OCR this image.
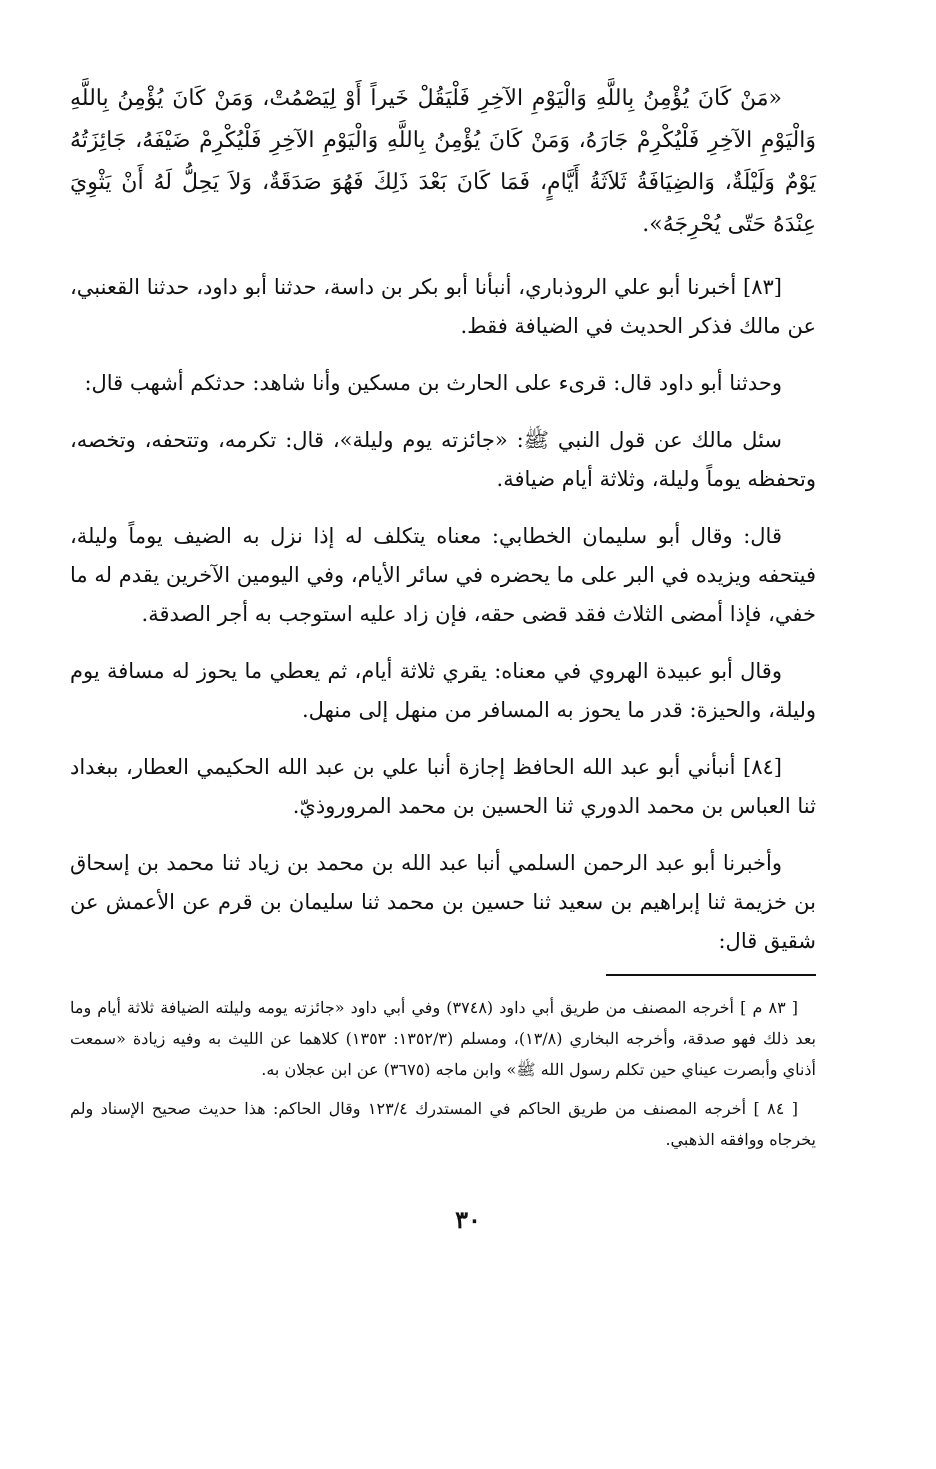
«مَنْ كَانَ يُؤْمِنُ بِاللَّهِ وَالْيَوْمِ الآخِرِ فَلْيَقُلْ خَيراً أَوْ لِيَصْمُتْ، وَمَنْ كَانَ يُؤْمِنُ بِاللَّهِ وَالْيَوْمِ الآخِرِ فَلْيُكْرِمْ جَارَهُ، وَمَنْ كَانَ يُؤْمِنُ بِاللَّهِ وَالْيَوْمِ الآخِرِ فَلْيُكْرِمْ ضَيْفَهُ، جَائِزَتُهُ يَوْمٌ وَلَيْلَةٌ، وَالضِيَافَةُ ثَلاَثَةُ أَيَّامٍ، فَمَا كَانَ بَعْدَ ذَلِكَ فَهُوَ صَدَقَةٌ، وَلاَ يَحِلُّ لَهُ أَنْ يَثْوِيَ عِنْدَهُ حَتّى يُحْرِجَهُ».

[٨٣] أخبرنا أبو علي الروذباري، أنبأنا أبو بكر بن داسة، حدثنا أبو داود، حدثنا القعنبي، عن مالك فذكر الحديث في الضيافة فقط.

وحدثنا أبو داود قال: قرىء على الحارث بن مسكين وأنا شاهد: حدثكم أشهب قال:

سئل مالك عن قول النبي ﷺ: «جائزته يوم وليلة»، قال: تكرمه، وتتحفه، وتخصه، وتحفظه يوماً وليلة، وثلاثة أيام ضيافة.

قال: وقال أبو سليمان الخطابي: معناه يتكلف له إذا نزل به الضيف يوماً وليلة، فيتحفه ويزيده في البر على ما يحضره في سائر الأيام، وفي اليومين الآخرين يقدم له ما خفي، فإذا أمضى الثلاث فقد قضى حقه، فإن زاد عليه استوجب به أجر الصدقة.

وقال أبو عبيدة الهروي في معناه: يقري ثلاثة أيام، ثم يعطي ما يحوز له مسافة يوم وليلة، والحيزة: قدر ما يحوز به المسافر من منهل إلى منهل.

[٨٤] أنبأني أبو عبد الله الحافظ إجازة أنبا علي بن عبد الله الحكيمي العطار، ببغداد ثنا العباس بن محمد الدوري ثنا الحسين بن محمد المروروذيّ.

وأخبرنا أبو عبد الرحمن السلمي أنبا عبد الله بن محمد بن زياد ثنا محمد بن إسحاق بن خزيمة ثنا إبراهيم بن سعيد ثنا حسين بن محمد ثنا سليمان بن قرم عن الأعمش عن شقيق قال:

[ ٨٣ م ] أخرجه المصنف من طريق أبي داود (٣٧٤٨) وفي أبي داود «جائزته يومه وليلته الضيافة ثلاثة أيام وما بعد ذلك فهو صدقة، وأخرجه البخاري (١٣/٨)، ومسلم (١٣٥٢/٣: ١٣٥٣) كلاهما عن الليث به وفيه زيادة «سمعت أذناي وأبصرت عيناي حين تكلم رسول الله ﷺ» وابن ماجه (٣٦٧٥) عن ابن عجلان به.

[ ٨٤ ] أخرجه المصنف من طريق الحاكم في المستدرك ١٢٣/٤ وقال الحاكم: هذا حديث صحيح الإسناد ولم يخرجاه ووافقه الذهبي.

٣٠
